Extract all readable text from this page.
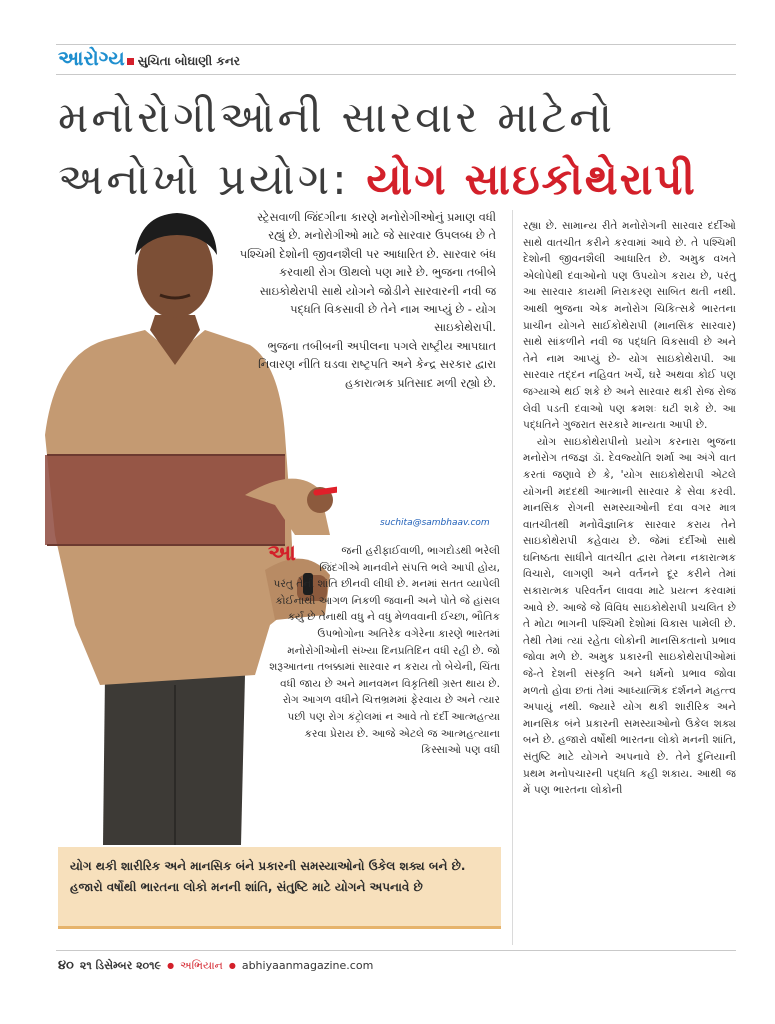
આરોગ્ય સુચિતા બોઘાણી કનર
મનોરોગીઓની સારવાર માટેનો
અનોખો પ્રયોગ: યોગ સાઇકોથેરાપી

સ્ટ્રેસવાળી જિંદગીના કારણે મનોરોગીઓનું પ્રમાણ વધી રહ્યું છે. મનોરોગીઓ માટે જે સારવાર ઉપલબ્ધ છે તે પશ્ચિમી દેશોની જીવનશૈલી પર આધારિત છે. સારવાર બંધ કરવાથી રોગ ઊથલો પણ મારે છે. ભુજના તબીબે સાઇકોથેરાપી સાથે યોગને જોડીને સારવારની નવી જ પદ્ધતિ વિકસાવી છે તેને નામ આપ્યું છે - યોગ સાઇકોથેરાપી.

ભુજના તબીબની અપીલના પગલે રાષ્ટ્રીય આપઘાત નિવારણ નીતિ ઘડવા રાષ્ટ્રપતિ અને કેન્દ્ર સરકાર દ્વારા હકારાત્મક પ્રતિસાદ મળી રહ્યો છે.

suchita@sambhaav.com
આ	જની હરીફાઈવાળી, ભાગદોડથી ભરેલી જિંદગીએ માનવીને સંપત્તિ ભલે આપી હોય, પરંતુ તેની શાંતિ છીનવી લીધી છે. મનમાં સતત વ્યાપેલી કોઈનાથી આગળ નિકળી જવાની અને પોતે જે હાંસલ કર્યું છે તેનાથી વધુ ને વધુ મેળવવાની ઈચ્છા, ભૌતિક ઉપભોગોના અતિરેક વગેરેના કારણે ભારતમાં મનોરોગીઓની સંખ્યા દિનપ્રતિદિન વધી રહી છે. જો શરૂઆતના તબક્કામાં સારવાર ન કરાય તો બેચેની, ચિંતા વધી જાય છે અને માનવમન વિકૃતિથી ગ્રસ્ત થાય છે. રોગ આગળ વધીને ચિત્તભ્રમમાં ફેરવાય છે અને ત્યાર પછી પણ રોગ કંટ્રોલમાં ન આવે તો દર્દી આત્મહત્યા કરવા પ્રેરાય છે. આજે એટલે જ આત્મહત્યાના કિસ્સાઓ પણ વધી

રહ્યા છે. સામાન્ય રીતે મનોરોગની સારવાર દર્દીઓ સાથે વાતચીત કરીને કરવામાં આવે છે. તે પશ્ચિમી દેશોની જીવનશૈલી આધારિત છે. અમુક વખતે એલોપેથી દવાઓનો પણ ઉપયોગ કરાય છે, પરંતુ આ સારવાર કાયમી નિરાકરણ સાબિત થતી નથી. આથી ભુજના એક મનોરોગ ચિકિત્સકે ભારતના પ્રાચીન યોગને સાઈકોથેરાપી (માનસિક સારવાર) સાથે સાંકળીને નવી જ પદ્ધતિ વિકસાવી છે અને તેને નામ આપ્યું છે- યોગ સાઇકોથેરાપી. આ સારવાર તદ્દન નહિવત ખર્ચે, ઘરે અથવા કોઈ પણ જગ્યાએ થઈ શકે છે અને સારવાર થકી રોજ રોજ લેવી પડતી દવાઓ પણ ક્રમશઃ ઘટી શકે છે. આ પદ્ધતિને ગુજરાત સરકારે માન્યતા આપી છે.

યોગ સાઇકોથેરાપીનો પ્રયોગ કરનારા ભુજના મનોરોગ તજજ્ઞ ડૉ. દેવજ્યોતિ શર્મા આ અંગે વાત કરતાં જણાવે છે કે, 'યોગ સાઇકોથેરાપી એટલે યોગની મદદથી આત્માની સારવાર કે સેવા કરવી. માનસિક રોગની સમસ્યાઓની દવા વગર માત્ર વાતચીતથી મનોવૈજ્ઞાનિક સારવાર કરાય તેને સાઇકોથેરાપી કહેવાય છે. જેમાં દર્દીઓ સાથે ઘનિષ્ઠતા સાધીને વાતચીત દ્વારા તેમના નકારાત્મક વિચારો, લાગણી અને વર્તનને દૂર કરીને તેમાં સકારાત્મક પરિવર્તન લાવવા માટે પ્રયત્ન કરવામાં આવે છે. આજે જે વિવિધ સાઇકોથેરાપી પ્રચલિત છે તે મોટા ભાગની પશ્ચિમી દેશોમાં વિકાસ પામેલી છે. તેથી તેમાં ત્યાં રહેતા લોકોની માનસિકતાનો પ્રભાવ જોવા મળે છે. અમુક પ્રકારની સાઇકોથેરાપીઓમાં જે-તે દેશની સંસ્કૃતિ અને ધર્મનો પ્રભાવ જોવા મળતો હોવા છતાં તેમાં આધ્યાત્મિક દર્શનને મહત્ત્વ અપાયું નથી. જ્યારે યોગ થકી શારીરિક અને માનસિક બંને પ્રકારની સમસ્યાઓનો ઉકેલ શક્ય બને છે. હજારો વર્ષોથી ભારતના લોકો મનની શાંતિ, સંતુષ્ટિ માટે યોગને અપનાવે છે. તેને દુનિયાની પ્રથમ મનોપચારની પદ્ધતિ કહી શકાય. આથી જ મેં પણ ભારતના લોકોની

યોગ થકી શારીરિક અને માનસિક બંને પ્રકારની સમસ્યાઓનો ઉકેલ શક્ય બને છે. હજારો વર્ષોથી ભારતના લોકો મનની શાંતિ, સંતુષ્ટિ માટે યોગને અપનાવે છે
૪૦ ૨૧ ડિસેમ્બર ૨૦૧૯ ● અભિયાન ● abhiyaanmagazine.com
